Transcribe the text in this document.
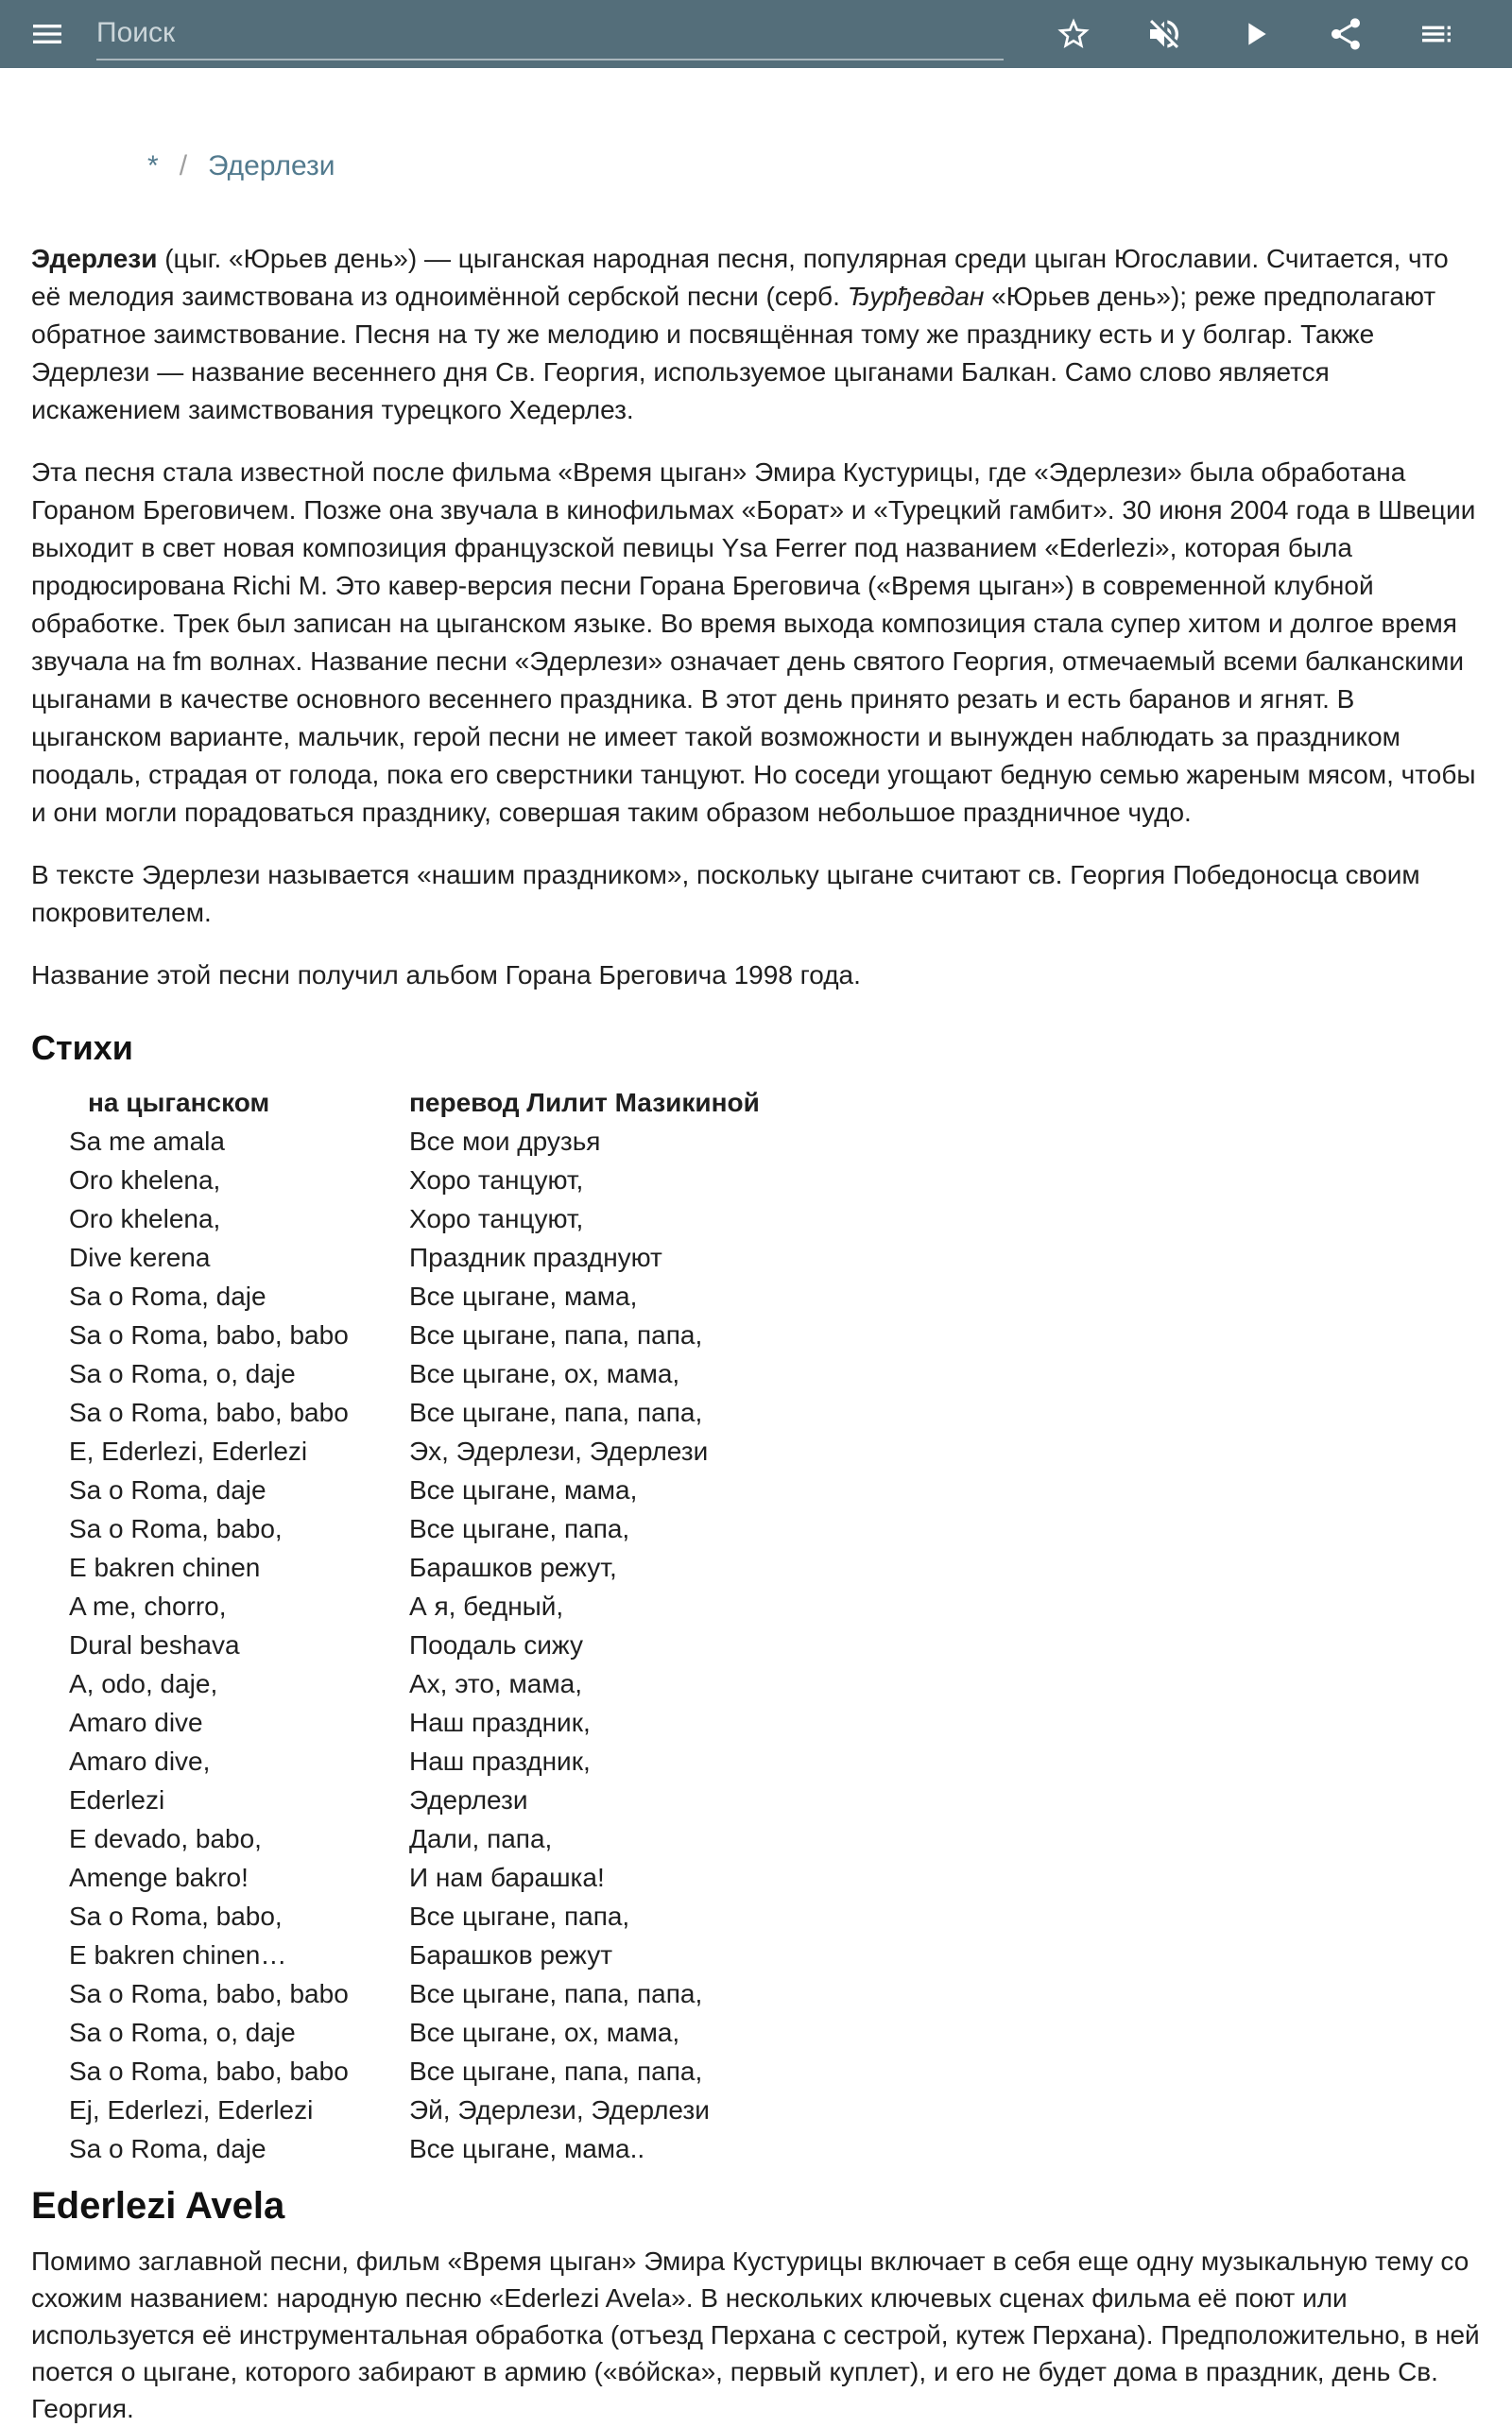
Поиск
* / Эдерлези

Эдерлези (цыг. «Юрьев день») — цыганская народная песня, популярная среди цыган Югославии. Считается, что её мелодия заимствована из одноимённой сербской песни (серб. Ђурђевдан «Юрьев день»); реже предполагают обратное заимствование. Песня на ту же мелодию и посвящённая тому же празднику есть и у болгар. Также Эдерлези — название весеннего дня Св. Георгия, используемое цыганами Балкан. Само слово является искажением заимствования турецкого Хедерлез.

Эта песня стала известной после фильма «Время цыган» Эмира Кустурицы, где «Эдерлези» была обработана Гораном Бреговичем. Позже она звучала в кинофильмах «Борат» и «Турецкий гамбит». 30 июня 2004 года в Швеции выходит в свет новая композиция французской певицы Ysa Ferrer под названием «Ederlezi», которая была продюсирована Richi M. Это кавер-версия песни Горана Бреговича («Время цыган») в современной клубной обработке. Трек был записан на цыганском языке. Во время выхода композиция стала супер хитом и долгое время звучала на fm волнах. Название песни «Эдерлези» означает день святого Георгия, отмечаемый всеми балканскими цыганами в качестве основного весеннего праздника. В этот день принято резать и есть баранов и ягнят. В цыганском варианте, мальчик, герой песни не имеет такой возможности и вынужден наблюдать за праздником поодаль, страдая от голода, пока его сверстники танцуют. Но соседи угощают бедную семью жареным мясом, чтобы и они могли порадоваться празднику, совершая таким образом небольшое праздничное чудо.

В тексте Эдерлези называется «нашим праздником», поскольку цыгане считают св. Георгия Победоносца своим покровителем.

Название этой песни получил альбом Горана Бреговича 1998 года.

Стихи
на цыганском	перевод Лилит Мазикиной
Sa me amala	Все мои друзья
Oro khelena,	Хоро танцуют,
Oro khelena,	Хоро танцуют,
Dive kerena	Праздник празднуют
Sa o Roma, daje	Все цыгане, мама,
Sa o Roma, babo, babo	Все цыгане, папа, папа,
Sa o Roma, o, daje	Все цыгане, ох, мама,
Sa o Roma, babo, babo	Все цыгане, папа, папа,
E, Ederlezi, Ederlezi	Эх, Эдерлези, Эдерлези
Sa o Roma, daje	Все цыгане, мама,
Sa o Roma, babo,	Все цыгане, папа,
E bakren chinen	Барашков режут,
A me, chorro,	А я, бедный,
Dural beshava	Поодаль сижу
A, odo, daje,	Ах, это, мама,
Amaro dive	Наш праздник,
Amaro dive,	Наш праздник,
Ederlezi	Эдерлези
E devado, babo,	Дали, папа,
Amenge bakro!	И нам барашка!
Sa o Roma, babo,	Все цыгане, папа,
E bakren chinen…	Барашков режут
Sa o Roma, babo, babo	Все цыгане, папа, папа,
Sa o Roma, o, daje	Все цыгане, ох, мама,
Sa o Roma, babo, babo	Все цыгане, папа, папа,
Ej, Ederlezi, Ederlezi	Эй, Эдерлези, Эдерлези
Sa o Roma, daje	Все цыгане, мама..
Ederlezi Avela

Помимо заглавной песни, фильм «Время цыган» Эмира Кустурицы включает в себя еще одну музыкальную тему со схожим названием: народную песню «Ederlezi Avela». В нескольких ключевых сценах фильма её поют или используется её инструментальная обработка (отъезд Перхана с сестрой, кутеж Перхана). Предположительно, в ней поется о цыгане, которого забирают в армию («во́йска», первый куплет), и его не будет дома в праздник, день Св. Георгия.
